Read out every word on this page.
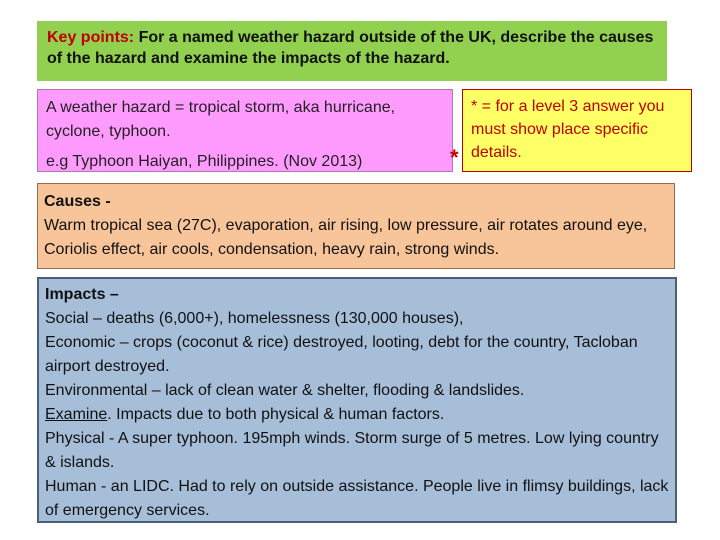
Key points: For a named weather hazard outside of the UK, describe the causes of the hazard and examine the impacts of the hazard.
A weather hazard = tropical storm, aka hurricane, cyclone, typhoon.
e.g Typhoon Haiyan, Philippines. (Nov 2013)	*
* = for a level 3 answer you must show place specific details.
Causes -
Warm tropical sea (27C), evaporation, air rising, low pressure, air rotates around eye, Coriolis effect, air cools, condensation, heavy rain, strong winds.
Impacts –
Social – deaths (6,000+), homelessness (130,000 houses),
Economic – crops (coconut & rice) destroyed, looting, debt for the country, Tacloban airport destroyed.
Environmental – lack of clean water & shelter, flooding & landslides.
Examine. Impacts due to both physical & human factors.
Physical - A super typhoon. 195mph winds. Storm surge of 5 metres. Low lying country & islands.
Human - an LIDC. Had to rely on outside assistance. People live in flimsy buildings, lack of emergency services.
